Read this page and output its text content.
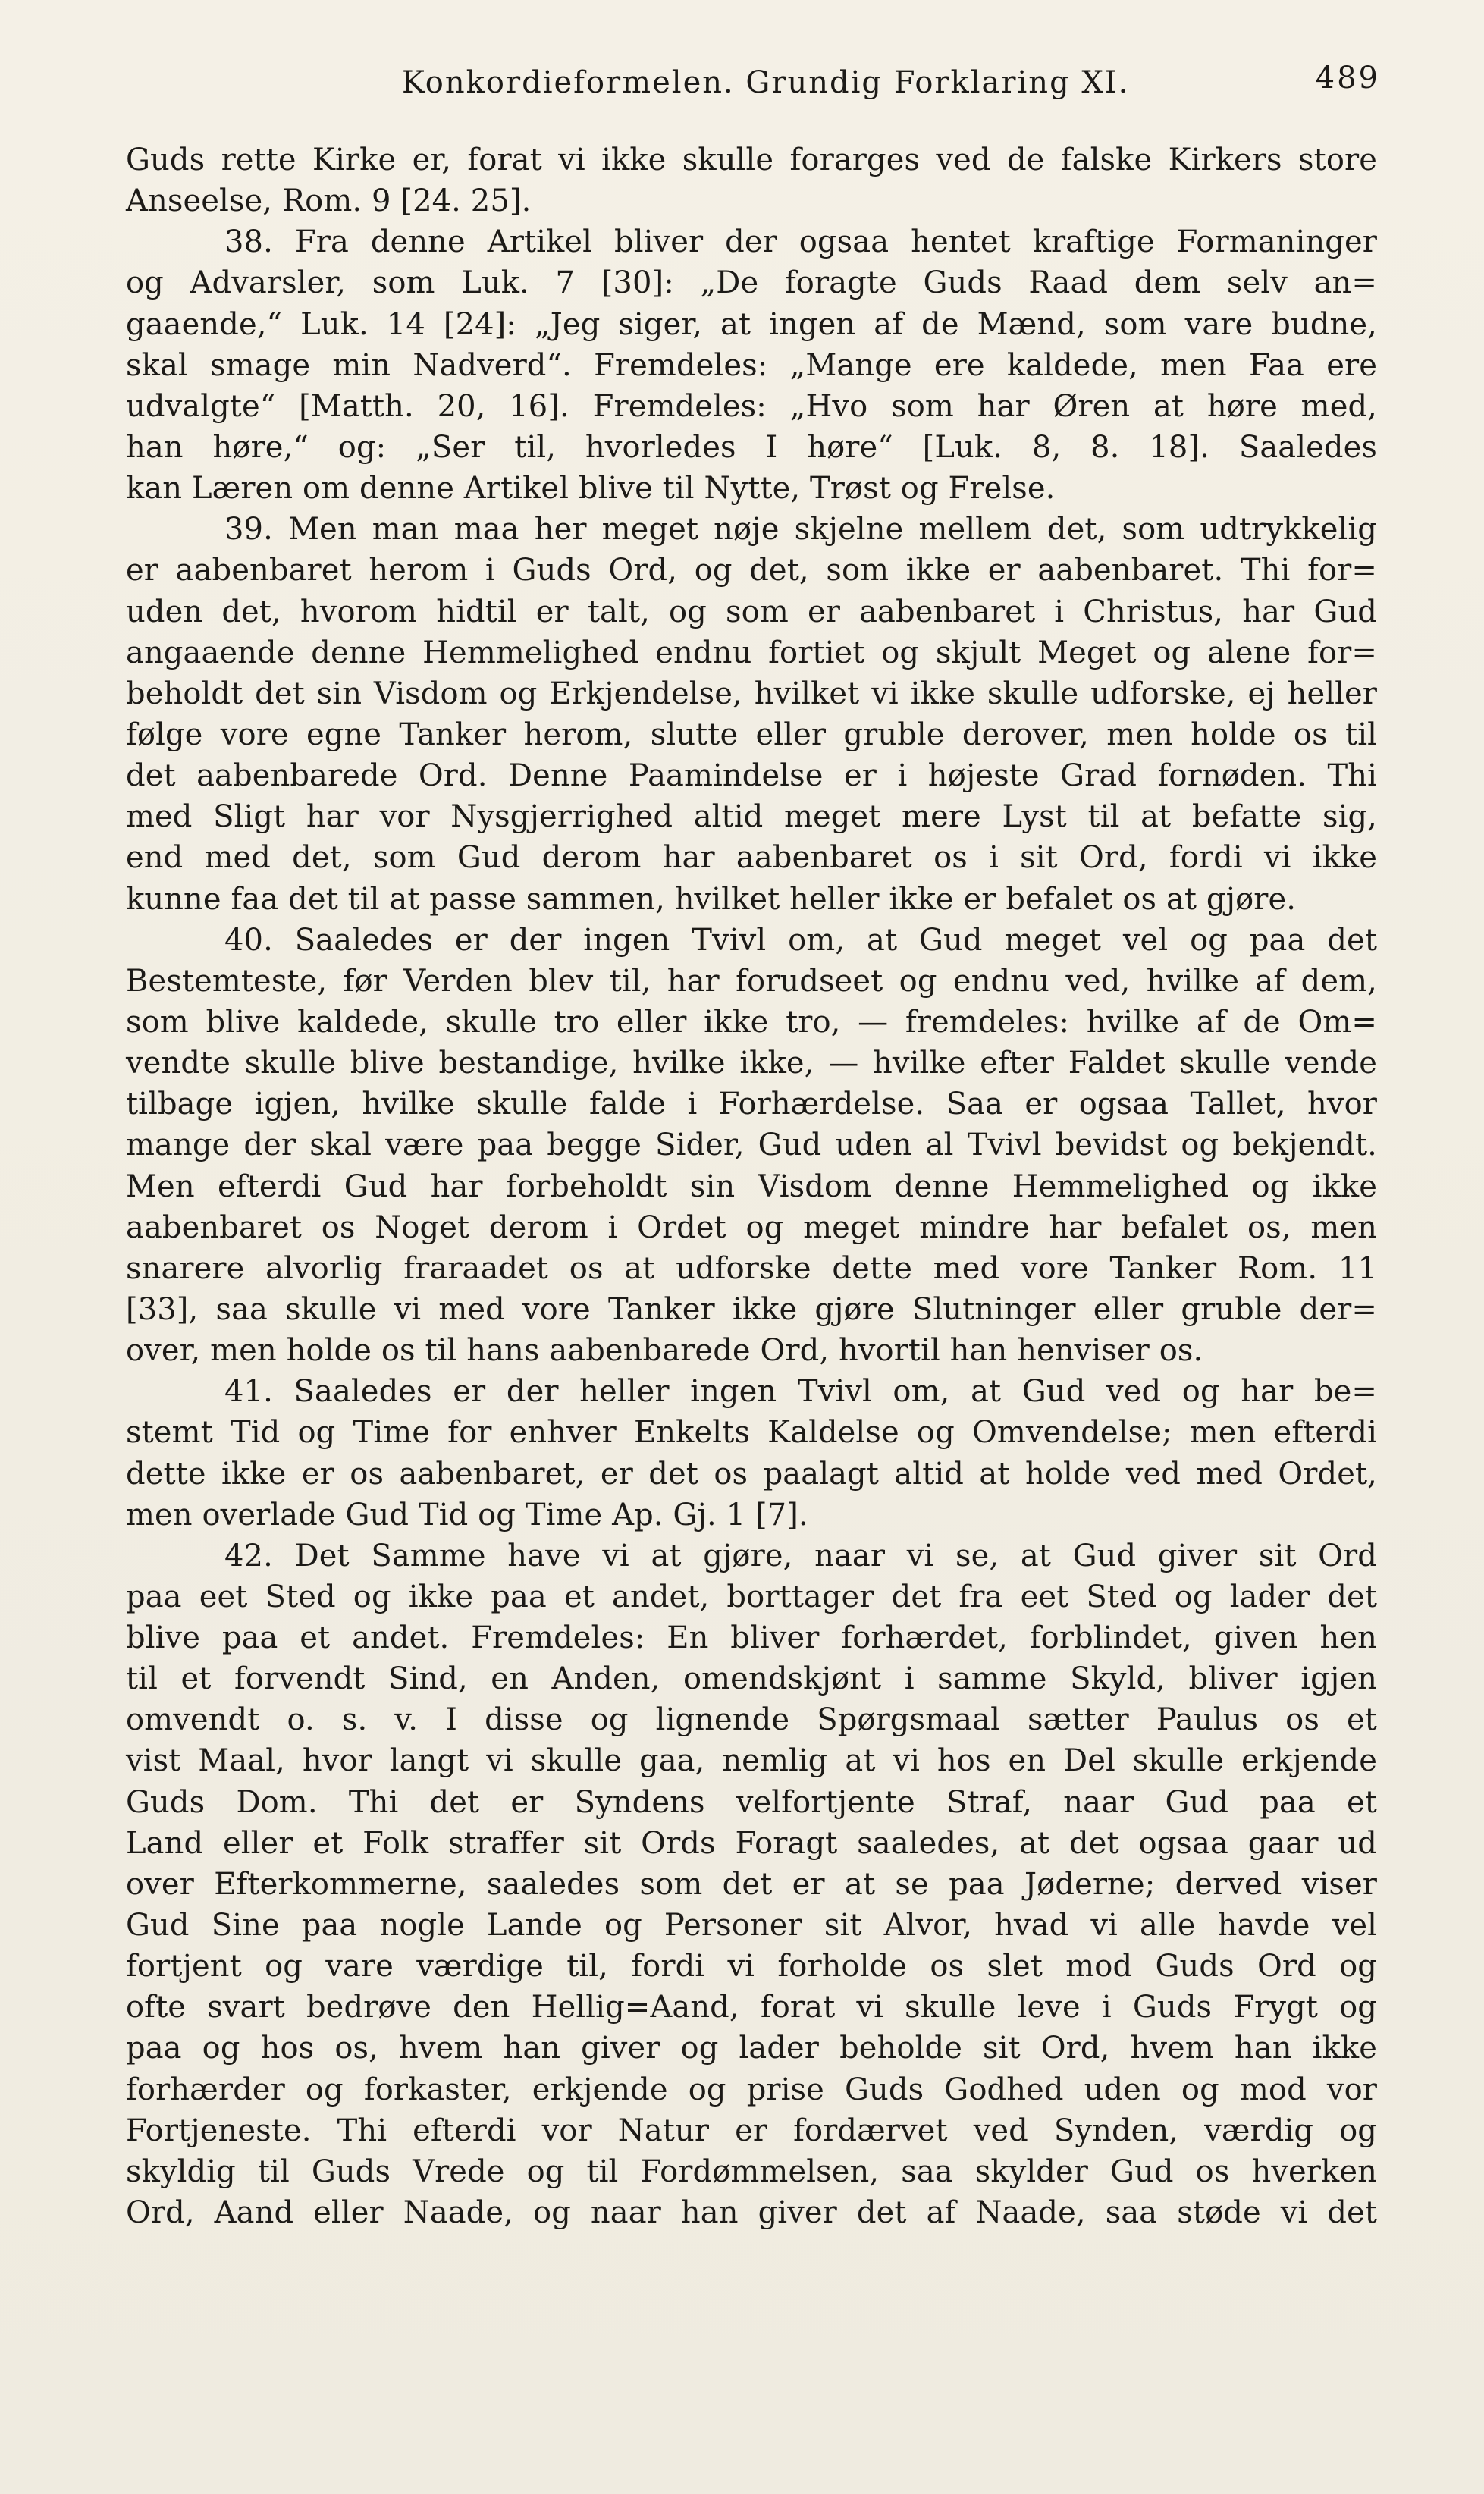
Konkordieformelen. Grundig Forklaring XI.	489
Guds rette Kirke er, forat vi ikke skulle forarges ved de falske Kirkers store
Anseelse, Rom. 9 [24. 25].
38. Fra denne Artikel bliver der ogsaa hentet kraftige Formaninger
og Advarsler, som Luk. 7 [30]: „De foragte Guds Raad dem selv an=
gaaende,“ Luk. 14 [24]: „Jeg siger, at ingen af de Mænd, som vare budne,
skal smage min Nadverd“. Fremdeles: „Mange ere kaldede, men Faa ere
udvalgte“ [Matth. 20, 16]. Fremdeles: „Hvo som har Øren at høre med,
han høre,“ og: „Ser til, hvorledes I høre“ [Luk. 8, 8. 18]. Saaledes
kan Læren om denne Artikel blive til Nytte, Trøst og Frelse.
39. Men man maa her meget nøje skjelne mellem det, som udtrykkelig
er aabenbaret herom i Guds Ord, og det, som ikke er aabenbaret. Thi for=
uden det, hvorom hidtil er talt, og som er aabenbaret i Christus, har Gud
angaaende denne Hemmelighed endnu fortiet og skjult Meget og alene for=
beholdt det sin Visdom og Erkjendelse, hvilket vi ikke skulle udforske, ej heller
følge vore egne Tanker herom, slutte eller gruble derover, men holde os til
det aabenbarede Ord. Denne Paamindelse er i højeste Grad fornøden. Thi
med Sligt har vor Nysgjerrighed altid meget mere Lyst til at befatte sig,
end med det, som Gud derom har aabenbaret os i sit Ord, fordi vi ikke
kunne faa det til at passe sammen, hvilket heller ikke er befalet os at gjøre.
40. Saaledes er der ingen Tvivl om, at Gud meget vel og paa det
Bestemteste, før Verden blev til, har forudseet og endnu ved, hvilke af dem,
som blive kaldede, skulle tro eller ikke tro, — fremdeles: hvilke af de Om=
vendte skulle blive bestandige, hvilke ikke, — hvilke efter Faldet skulle vende
tilbage igjen, hvilke skulle falde i Forhærdelse. Saa er ogsaa Tallet, hvor
mange der skal være paa begge Sider, Gud uden al Tvivl bevidst og bekjendt.
Men efterdi Gud har forbeholdt sin Visdom denne Hemmelighed og ikke
aabenbaret os Noget derom i Ordet og meget mindre har befalet os, men
snarere alvorlig fraraadet os at udforske dette med vore Tanker Rom. 11
[33], saa skulle vi med vore Tanker ikke gjøre Slutninger eller gruble der=
over, men holde os til hans aabenbarede Ord, hvortil han henviser os.
41. Saaledes er der heller ingen Tvivl om, at Gud ved og har be=
stemt Tid og Time for enhver Enkelts Kaldelse og Omvendelse; men efterdi
dette ikke er os aabenbaret, er det os paalagt altid at holde ved med Ordet,
men overlade Gud Tid og Time Ap. Gj. 1 [7].
42. Det Samme have vi at gjøre, naar vi se, at Gud giver sit Ord
paa eet Sted og ikke paa et andet, borttager det fra eet Sted og lader det
blive paa et andet. Fremdeles: En bliver forhærdet, forblindet, given hen
til et forvendt Sind, en Anden, omendskjønt i samme Skyld, bliver igjen
omvendt o. s. v. I disse og lignende Spørgsmaal sætter Paulus os et
vist Maal, hvor langt vi skulle gaa, nemlig at vi hos en Del skulle erkjende
Guds Dom. Thi det er Syndens velfortjente Straf, naar Gud paa et
Land eller et Folk straffer sit Ords Foragt saaledes, at det ogsaa gaar ud
over Efterkommerne, saaledes som det er at se paa Jøderne; derved viser
Gud Sine paa nogle Lande og Personer sit Alvor, hvad vi alle havde vel
fortjent og vare værdige til, fordi vi forholde os slet mod Guds Ord og
ofte svart bedrøve den Hellig=Aand, forat vi skulle leve i Guds Frygt og
paa og hos os, hvem han giver og lader beholde sit Ord, hvem han ikke
forhærder og forkaster, erkjende og prise Guds Godhed uden og mod vor
Fortjeneste. Thi efterdi vor Natur er fordærvet ved Synden, værdig og
skyldig til Guds Vrede og til Fordømmelsen, saa skylder Gud os hverken
Ord, Aand eller Naade, og naar han giver det af Naade, saa støde vi det
